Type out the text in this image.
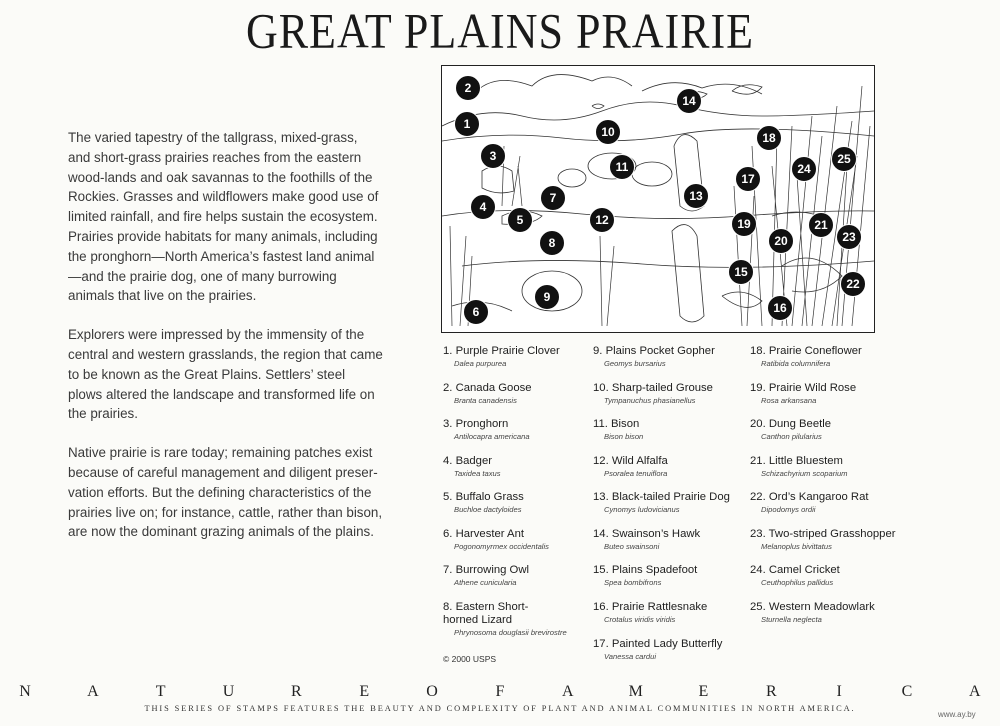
GREAT PLAINS PRAIRIE

The varied tapestry of the tallgrass, mixed-grass, and short-grass prairies reaches from the eastern wood-lands and oak savannas to the foothills of the Rockies. Grasses and wildflowers make good use of limited rainfall, and fire helps sustain the ecosystem. Prairies provide habitats for many animals, including the pronghorn—North America’s fastest land animal—and the prairie dog, one of many burrowing animals that live on the prairies.

Explorers were impressed by the immensity of the central and western grasslands, the region that came to be known as the Great Plains. Settlers’ steel plows altered the landscape and transformed life on the prairies.

Native prairie is rare today; remaining patches exist because of careful management and diligent preser-vation efforts. But the defining characteristics of the prairies live on; for instance, cattle, rather than bison, are now the dominant grazing animals of the plains.

1
2
3
4
5
6
7
8
9
10
11
12
13
14
15
16
17
18
19
20
21
22
23
24
25
1. Purple Prairie Clover
Dalea purpurea
2. Canada Goose
Branta canadensis
3. Pronghorn
Antilocapra americana
4. Badger
Taxidea taxus
5. Buffalo Grass
Buchloe dactyloides
6. Harvester Ant
Pogonomyrmex occidentalis
7. Burrowing Owl
Athene cunicularia
8. Eastern Short-horned Lizard
Phrynosoma douglasii brevirostre
9. Plains Pocket Gopher
Geomys bursarius
10. Sharp-tailed Grouse
Tympanuchus phasianellus
11. Bison
Bison bison
12. Wild Alfalfa
Psoralea tenuiflora
13. Black-tailed Prairie Dog
Cynomys ludovicianus
14. Swainson’s Hawk
Buteo swainsoni
15. Plains Spadefoot
Spea bombifrons
16. Prairie Rattlesnake
Crotalus viridis viridis
17. Painted Lady Butterfly
Vanessa cardui
18. Prairie Coneflower
Ratibida columnifera
19. Prairie Wild Rose
Rosa arkansana
20. Dung Beetle
Canthon pilularius
21. Little Bluestem
Schizachyrium scoparium
22. Ord’s Kangaroo Rat
Dipodomys ordii
23. Two-striped Grasshopper
Melanoplus bivittatus
24. Camel Cricket
Ceuthophilus pallidus
25. Western Meadowlark
Sturnella neglecta
© 2000 USPS
N	A	T	U	R	E	O	F	A	M	E	R	I	C	A
THIS SERIES OF STAMPS FEATURES THE BEAUTY AND COMPLEXITY OF PLANT AND ANIMAL COMMUNITIES IN NORTH AMERICA.
www.ay.by
